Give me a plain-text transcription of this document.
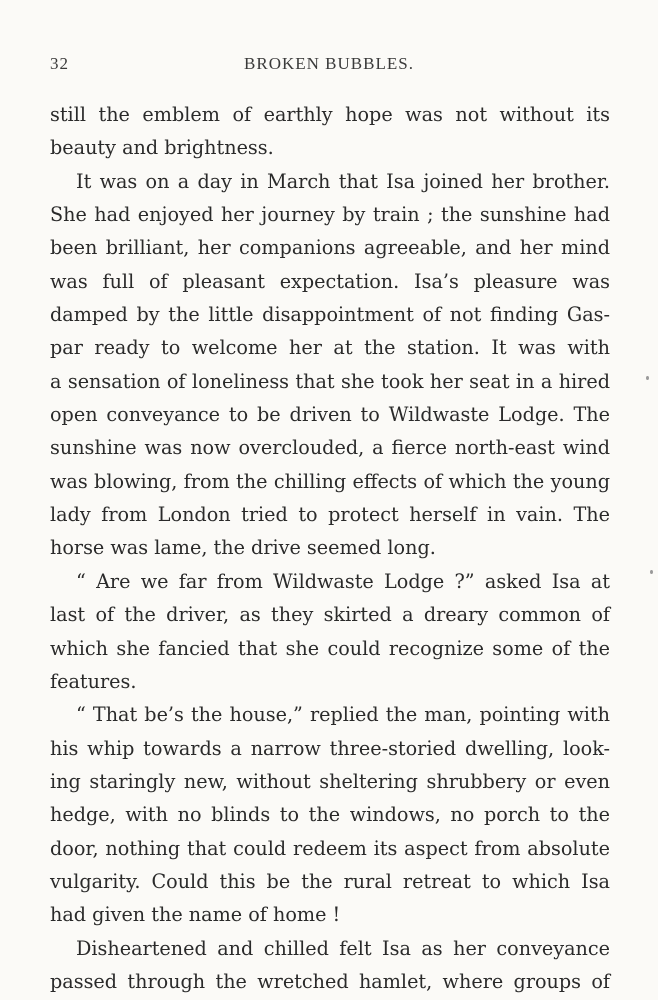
32	BROKEN BUBBLES.
still the emblem of earthly hope was not without its
beauty and brightness.
It was on a day in March that Isa joined her brother.
She had enjoyed her journey by train ; the sunshine had
been brilliant, her companions agreeable, and her mind
was full of pleasant expectation. Isa’s pleasure was
damped by the little disappointment of not finding Gas-
par ready to welcome her at the station. It was with
a sensation of loneliness that she took her seat in a hired
open conveyance to be driven to Wildwaste Lodge. The
sunshine was now overclouded, a fierce north-east wind
was blowing, from the chilling effects of which the young
lady from London tried to protect herself in vain. The
horse was lame, the drive seemed long.
“ Are we far from Wildwaste Lodge ?” asked Isa at
last of the driver, as they skirted a dreary common of
which she fancied that she could recognize some of the
features.
“ That be’s the house,” replied the man, pointing with
his whip towards a narrow three-storied dwelling, look-
ing staringly new, without sheltering shrubbery or even
hedge, with no blinds to the windows, no porch to the
door, nothing that could redeem its aspect from absolute
vulgarity. Could this be the rural retreat to which Isa
had given the name of home !
Disheartened and chilled felt Isa as her conveyance
passed through the wretched hamlet, where groups of
